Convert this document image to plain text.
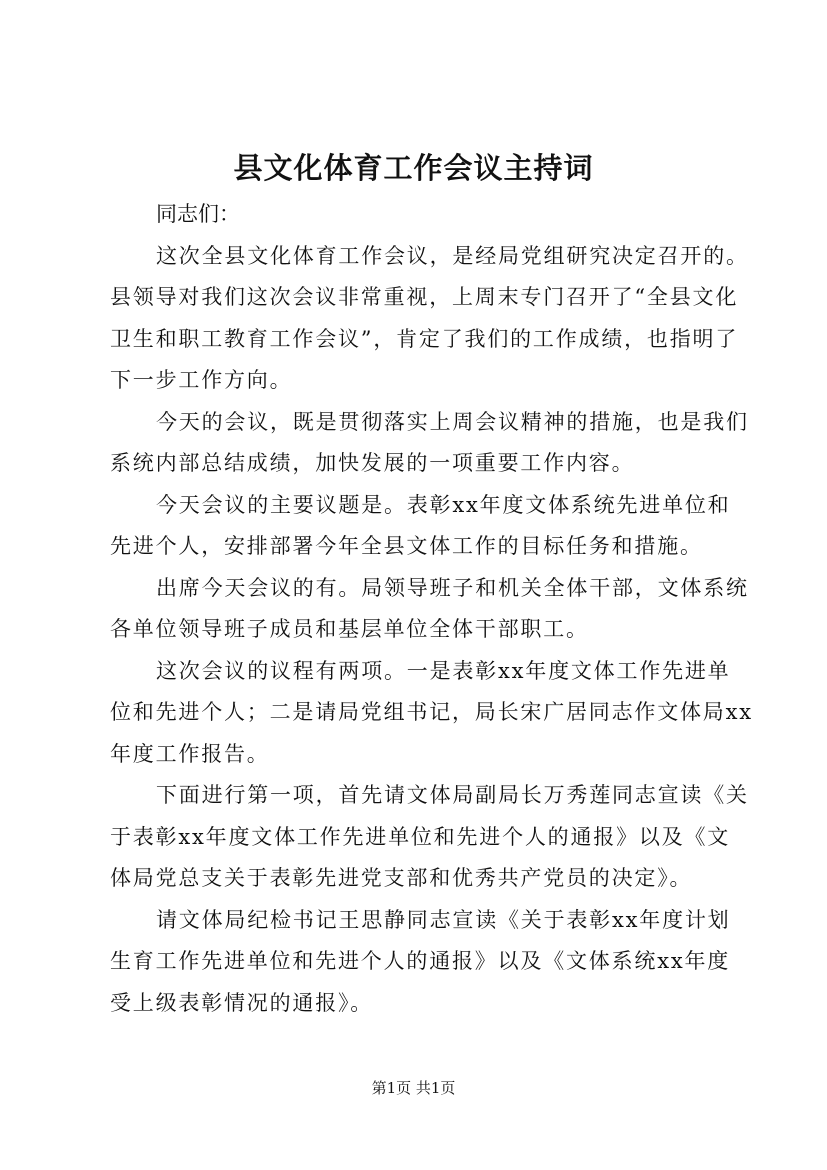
县文化体育工作会议主持词
同志们：
这次全县文化体育工作会议，是经局党组研究决定召开的。
县领导对我们这次会议非常重视，上周末专门召开了“全县文化
卫生和职工教育工作会议”，肯定了我们的工作成绩，也指明了
下一步工作方向。
今天的会议，既是贯彻落实上周会议精神的措施，也是我们
系统内部总结成绩，加快发展的一项重要工作内容。
今天会议的主要议题是。表彰xx年度文体系统先进单位和
先进个人，安排部署今年全县文体工作的目标任务和措施。
出席今天会议的有。局领导班子和机关全体干部，文体系统
各单位领导班子成员和基层单位全体干部职工。
这次会议的议程有两项。一是表彰xx年度文体工作先进单
位和先进个人；二是请局党组书记，局长宋广居同志作文体局xx
年度工作报告。
下面进行第一项，首先请文体局副局长万秀莲同志宣读《关
于表彰xx年度文体工作先进单位和先进个人的通报》以及《文
体局党总支关于表彰先进党支部和优秀共产党员的决定》。
请文体局纪检书记王思静同志宣读《关于表彰xx年度计划
生育工作先进单位和先进个人的通报》以及《文体系统xx年度
受上级表彰情况的通报》。
第1页 共1页
